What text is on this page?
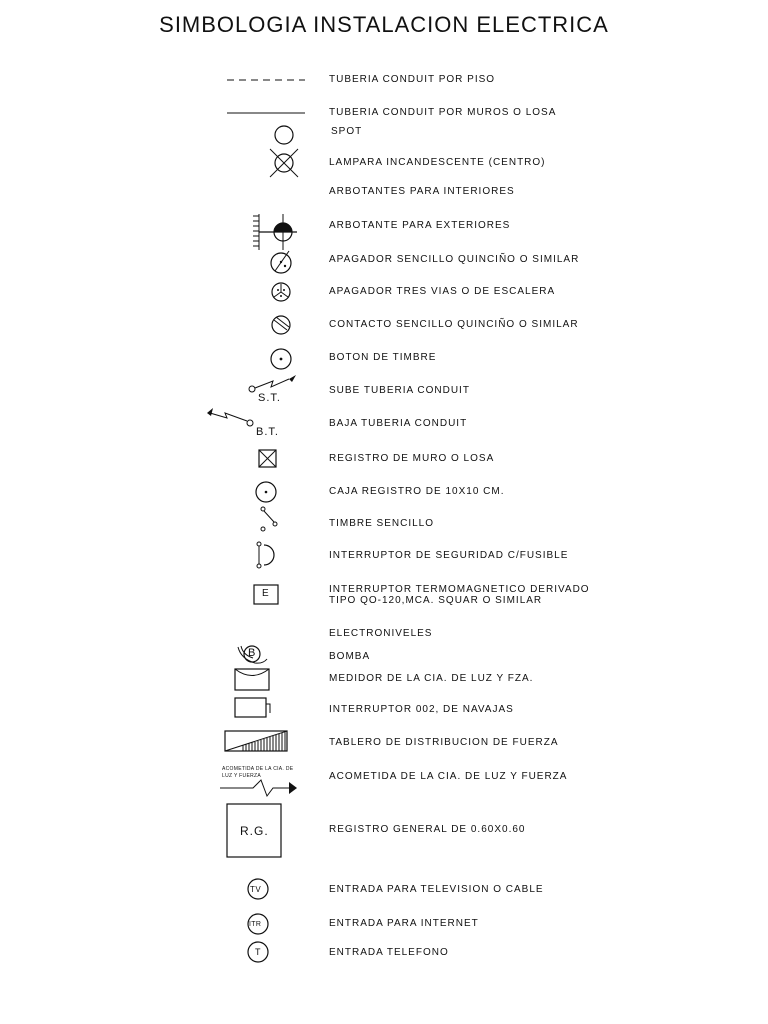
SIMBOLOGIA INSTALACION ELECTRICA
TUBERIA CONDUIT POR PISO
TUBERIA CONDUIT POR MUROS O LOSA
SPOT
LAMPARA INCANDESCENTE (CENTRO)
ARBOTANTES PARA INTERIORES
ARBOTANTE PARA EXTERIORES
APAGADOR SENCILLO QUINCIÑO O SIMILAR
APAGADOR TRES VIAS O DE ESCALERA
CONTACTO SENCILLO QUINCIÑO O SIMILAR
BOTON DE TIMBRE
SUBE TUBERIA CONDUIT
S.T.
BAJA TUBERIA CONDUIT
B.T.
REGISTRO DE MURO O LOSA
CAJA REGISTRO DE 10X10 CM.
TIMBRE SENCILLO
INTERRUPTOR DE SEGURIDAD C/FUSIBLE
E	INTERRUPTOR TERMOMAGNETICO DERIVADO
TIPO QO-120,MCA. SQUAR O SIMILAR
ELECTRONIVELES
B	BOMBA
MEDIDOR DE LA CIA. DE LUZ Y FZA.
INTERRUPTOR 002, DE NAVAJAS
TABLERO DE DISTRIBUCION DE FUERZA
ACOMETIDA DE LA CIA. DE LUZ Y FUERZA	ACOMETIDA DE LA CIA. DE LUZ Y FUERZA
R.G.	REGISTRO GENERAL DE 0.60X0.60
TV	ENTRADA PARA TELEVISION O CABLE
ITR	ENTRADA PARA INTERNET
T	ENTRADA TELEFONO
